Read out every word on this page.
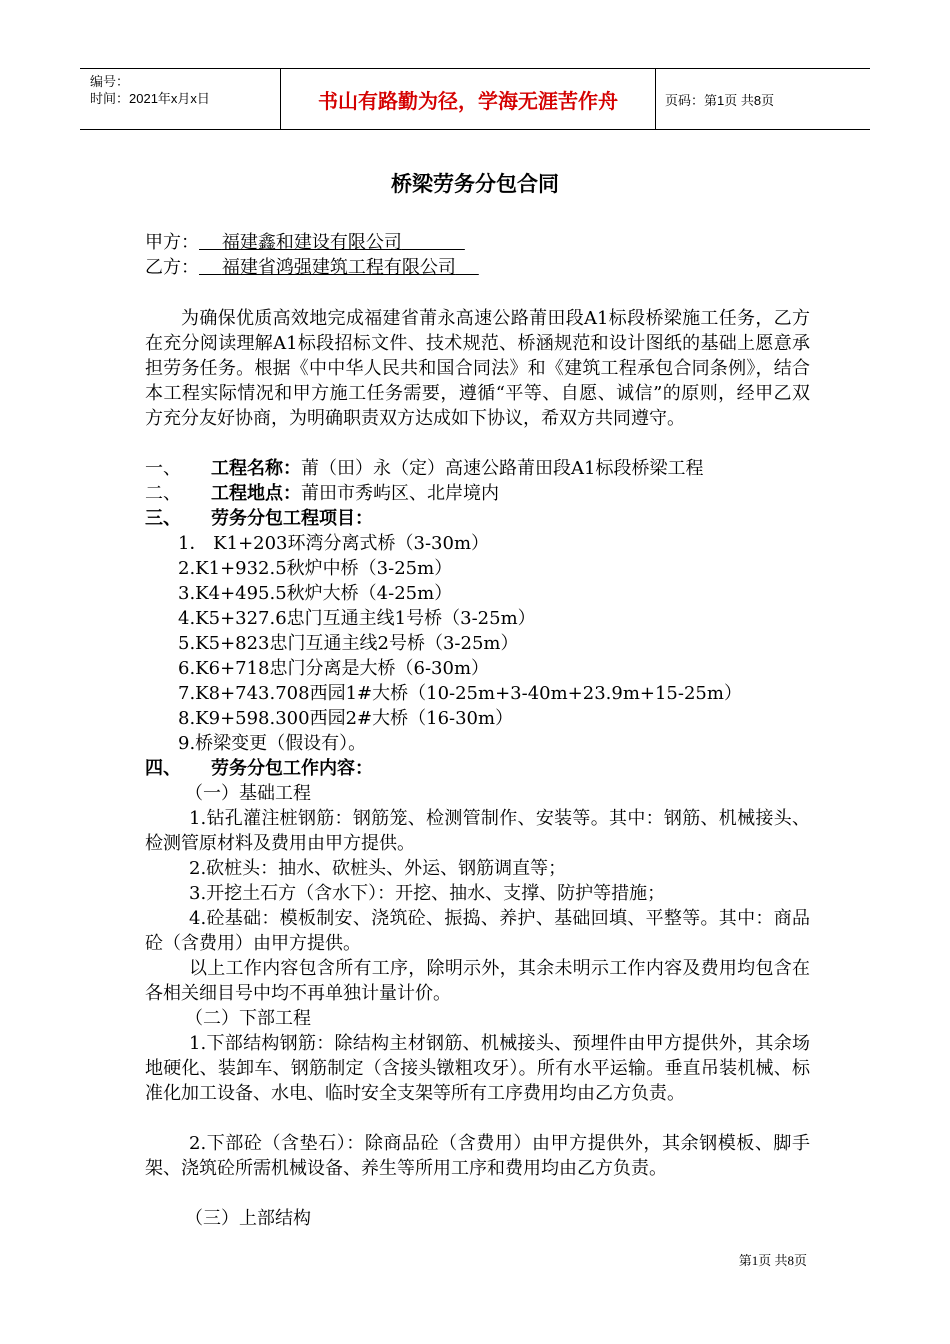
编号：
时间：2021年x月x日	书山有路勤为径，学海无涯苦作舟	页码：第1页 共8页
桥梁劳务分包合同
甲方： 福建鑫和建设有限公司
乙方： 福建省鸿强建筑工程有限公司
为确保优质高效地完成福建省莆永高速公路莆田段A1标段桥梁施工任务，乙方在充分阅读理解A1标段招标文件、技术规范、桥涵规范和设计图纸的基础上愿意承担劳务任务。根据《中中华人民共和国合同法》和《建筑工程承包合同条例》，结合本工程实际情况和甲方施工任务需要，遵循“平等、自愿、诚信”的原则，经甲乙双方充分友好协商，为明确职责双方达成如下协议，希双方共同遵守。
一、 工程名称：莆（田）永（定）高速公路莆田段A1标段桥梁工程
二、 工程地点：莆田市秀屿区、北岸境内
三、 劳务分包工程项目：
1． K1+203环湾分离式桥（3-30m）
2.K1+932.5秋炉中桥（3-25m）
3.K4+495.5秋炉大桥（4-25m）
4.K5+327.6忠门互通主线1号桥（3-25m）
5.K5+823忠门互通主线2号桥（3-25m）
6.K6+718忠门分离是大桥（6-30m）
7.K8+743.708西园1#大桥（10-25m+3-40m+23.9m+15-25m）
8.K9+598.300西园2#大桥（16-30m）
9.桥梁变更（假设有）。
四、 劳务分包工作内容：
（一）基础工程
1.钻孔灌注桩钢筋：钢筋笼、检测管制作、安装等。其中：钢筋、机械接头、检测管原材料及费用由甲方提供。
2.砍桩头：抽水、砍桩头、外运、钢筋调直等；
3.开挖土石方（含水下）：开挖、抽水、支撑、防护等措施；
4.砼基础：模板制安、浇筑砼、振捣、养护、基础回填、平整等。其中：商品砼（含费用）由甲方提供。
以上工作内容包含所有工序，除明示外，其余未明示工作内容及费用均包含在各相关细目号中均不再单独计量计价。
（二）下部工程
1.下部结构钢筋：除结构主材钢筋、机械接头、预埋件由甲方提供外，其余场地硬化、装卸车、钢筋制定（含接头镦粗攻牙）。所有水平运输。垂直吊装机械、标准化加工设备、水电、临时安全支架等所有工序费用均由乙方负责。
2.下部砼（含垫石）：除商品砼（含费用）由甲方提供外，其余钢模板、脚手架、浇筑砼所需机械设备、养生等所用工序和费用均由乙方负责。
（三）上部结构
第1页 共8页
